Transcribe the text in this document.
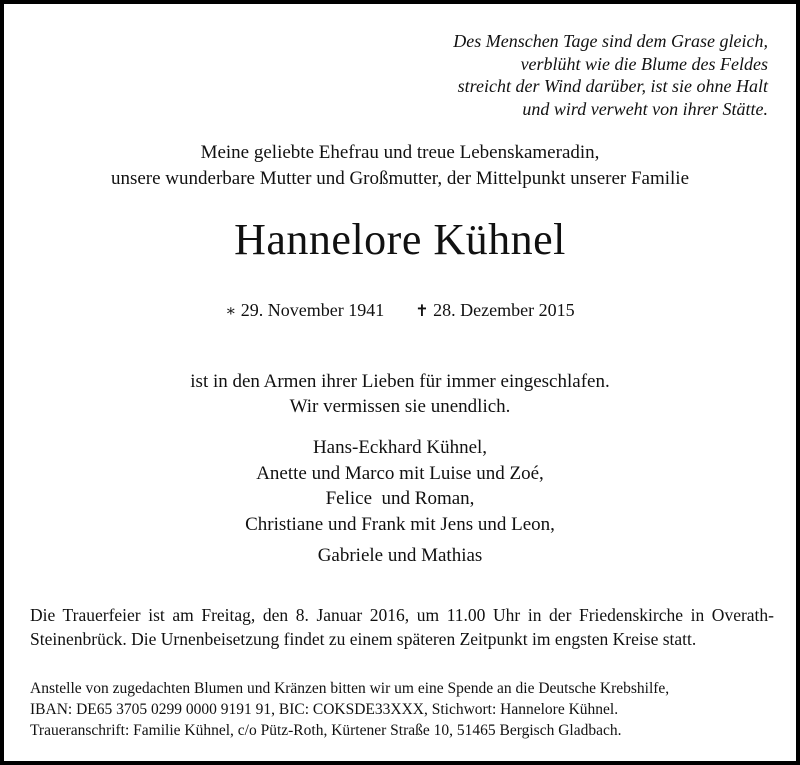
Des Menschen Tage sind dem Grase gleich,
verblüht wie die Blume des Feldes
streicht der Wind darüber, ist sie ohne Halt
und wird verweht von ihrer Stätte.
Meine geliebte Ehefrau und treue Lebenskameradin,
unsere wunderbare Mutter und Großmutter, der Mittelpunkt unserer Familie
Hannelore Kühnel
∗ 29. November 1941 ✝ 28. Dezember 2015
ist in den Armen ihrer Lieben für immer eingeschlafen.
Wir vermissen sie unendlich.
Hans-Eckhard Kühnel,
Anette und Marco mit Luise und Zoé,
Felice  und Roman,
Christiane und Frank mit Jens und Leon,
Gabriele und Mathias
Die Trauerfeier ist am Freitag, den 8. Januar 2016, um 11.00 Uhr in der Friedenskirche in Overath-Steinenbrück. Die Urnenbeisetzung findet zu einem späteren Zeitpunkt im engsten Kreise statt.
Anstelle von zugedachten Blumen und Kränzen bitten wir um eine Spende an die Deutsche Krebshilfe,
IBAN: DE65 3705 0299 0000 9191 91, BIC: COKSDE33XXX, Stichwort: Hannelore Kühnel.
Traueranschrift: Familie Kühnel, c/o Pütz-Roth, Kürtener Straße 10, 51465 Bergisch Gladbach.
